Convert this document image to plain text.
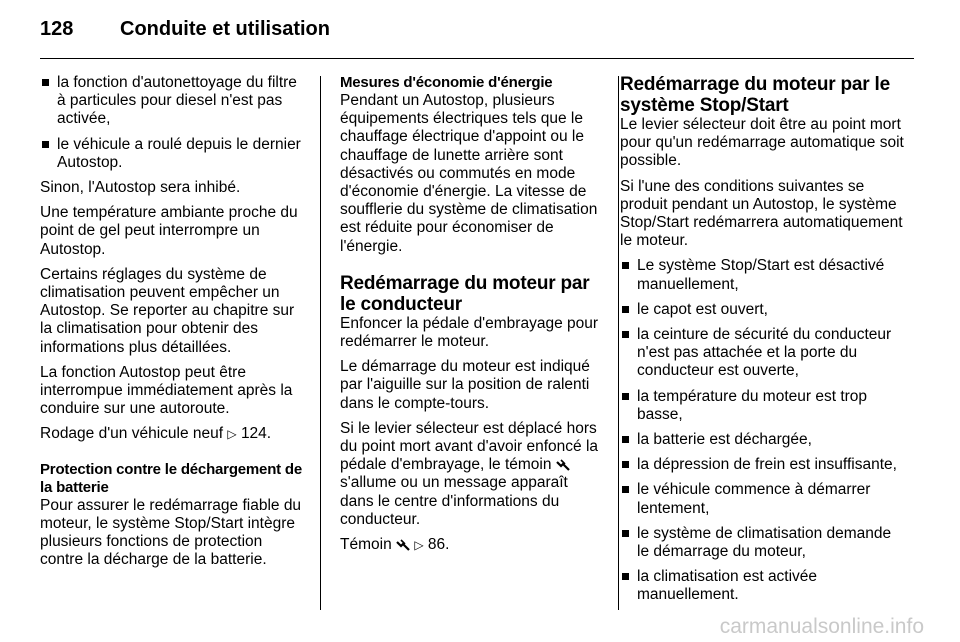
128 Conduite et utilisation
la fonction d'autonettoyage du filtre à particules pour diesel n'est pas activée,
le véhicule a roulé depuis le dernier Autostop.

Sinon, l'Autostop sera inhibé.

Une température ambiante proche du point de gel peut interrompre un Autostop.

Certains réglages du système de climatisation peuvent empêcher un Autostop. Se reporter au chapitre sur la climatisation pour obtenir des informations plus détaillées.

La fonction Autostop peut être interrompue immédiatement après la conduire sur une autoroute.

Rodage d'un véhicule neuf ▷ 124.

Protection contre le déchargement de la batterie

Pour assurer le redémarrage fiable du moteur, le système Stop/Start intègre plusieurs fonctions de protection contre la décharge de la batterie.

Mesures d'économie d'énergie

Pendant un Autostop, plusieurs équipements électriques tels que le chauffage électrique d'appoint ou le chauffage de lunette arrière sont désactivés ou commutés en mode d'économie d'énergie. La vitesse de soufflerie du système de climatisation est réduite pour économiser de l'énergie.

Redémarrage du moteur par le conducteur

Enfoncer la pédale d'embrayage pour redémarrer le moteur.

Le démarrage du moteur est indiqué par l'aiguille sur la position de ralenti dans le compte-tours.

Si le levier sélecteur est déplacé hors du point mort avant d'avoir enfoncé la pédale d'embrayage, le témoin  s'allume ou un message apparaît dans le centre d'informations du conducteur.

Témoin ▷ 86.

Redémarrage du moteur par le système Stop/Start

Le levier sélecteur doit être au point mort pour qu'un redémarrage automatique soit possible.

Si l'une des conditions suivantes se produit pendant un Autostop, le système Stop/Start redémarrera automatiquement le moteur.

Le système Stop/Start est désactivé manuellement,
le capot est ouvert,
la ceinture de sécurité du conducteur n'est pas attachée et la porte du conducteur est ouverte,
la température du moteur est trop basse,
la batterie est déchargée,
la dépression de frein est insuffisante,
le véhicule commence à démarrer lentement,
le système de climatisation demande le démarrage du moteur,
la climatisation est activée manuellement.
carmanualsonline.info
